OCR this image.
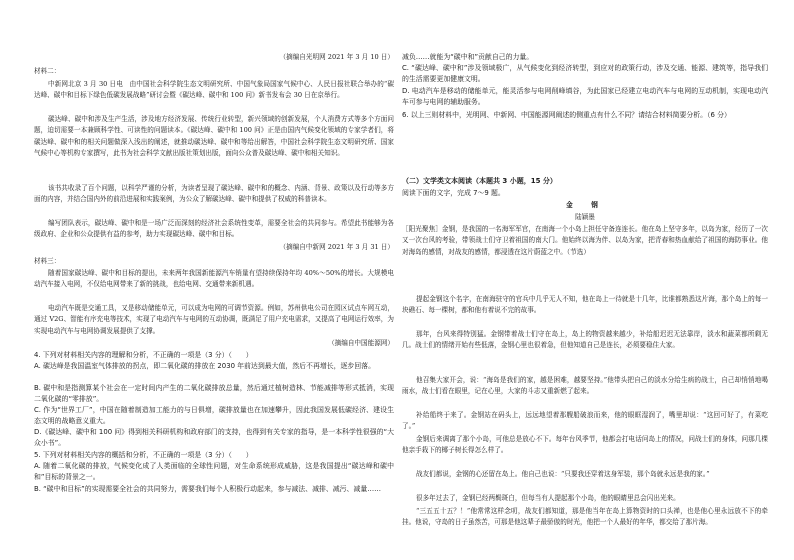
（摘编自光明网 2021 年 3 月 10 日）

材料二：

中新网北京 3 月 30 日电　由中国社会科学院生态文明研究所、中国气象局国家气候中心、人民日报社联合举办的“碳达峰、碳中和目标下绿色低碳发展战略”研讨会暨《碳达峰、碳中和 100 问》新书发布会 30 日在京举行。

碳达峰、碳中和涉及生产生活，涉及地方经济发展、传统行业转型，新兴领域的创新发展，个人消费方式等多个方面问题，迫切需要一本兼顾科学性、可读性的问题读本。《碳达峰、碳中和 100 问》正是由国内气候变化领域的专家学者们，将碳达峰、碳中和的相关问题做深入浅出的阐述，就推动碳达峰、碳中和等给出解答，中国社会科学院生态文明研究所、国家气候中心等机构专家撰写，此书为社会科学文献出版社策划出版，面向公众普及碳达峰、碳中和相关知识。

该书共收录了百个问题，以科学严谨的分析，为读者呈现了碳达峰、碳中和的概念、内涵、背景、政策以及行动等多方面的内容，并结合国内外的前沿进展和实践案例，为公众了解碳达峰、碳中和提供了权威的科普读本。

编写团队表示，碳达峰、碳中和是一场广泛而深刻的经济社会系统性变革，需要全社会的共同参与。希望此书能够为各级政府、企业和公众提供有益的参考，助力实现碳达峰、碳中和目标。

（摘编自中新网 2021 年 3 月 31 日）

材料三：

随着国家碳达峰、碳中和目标的提出，未来两年我国新能源汽车销量有望持续保持年均 40%～50%的增长。大规模电动汽车接入电网，不仅给电网带来了新的挑战，也给电网、交通带来新机遇。

电动汽车既是交通工具，又是移动储能单元，可以成为电网的可调节资源。例如，苏州供电公司在园区试点车网互动，通过 V2G、智能有序充电等技术，实现了电动汽车与电网的互动协调，既满足了用户充电需求，又提高了电网运行效率，为实现电动汽车与电网协调发展提供了支撑。

（摘编自中国能源网）

4. 下列对材料相关内容的理解和分析，不正确的一项是（3 分）（　　）

A. 碳达峰是我国温室气体排放的拐点，即二氧化碳的排放在 2030 年前达到最大值，然后不再增长，逐步回落。

B. 碳中和是指测算某个社会在一定时间内产生的二氧化碳排放总量，然后通过植树造林、节能减排等形式抵消，实现二氧化碳的“零排放”。

C. 作为“世界工厂”，中国在随着制造加工能力的与日俱增，碳排放量也在加速攀升，因此我国发展低碳经济、建设生态文明的战略意义重大。

D.《碳达峰、碳中和 100 问》得到相关科研机构和政府部门的支持，也得到有关专家的指导，是一本科学性很强的“大众小书”。

5. 下列对材料相关内容的概括和分析，不正确的一项是（3 分）（　　）

A. 随着二氧化碳的排放，气候变化成了人类面临的全球性问题，对生命系统形成威胁，这是我国提出“碳达峰和碳中和”目标的背景之一。

B. “碳中和目标”的实现需要全社会的共同努力，需要我们每个人积极行动起来，参与减法、减排、减污、减量……

减负……就能为“碳中和”贡献自己的力量。

C. “碳达峰、碳中和”涉及领域极广，从气候变化到经济转型，到应对的政策行动，涉及交通、能源、建筑等，指导我们的生活需要更加健康文明。

D. 电动汽车是移动的储能单元，能灵活参与电网削峰填谷，为此国家已经建立电动汽车与电网的互动机制，实现电动汽车可参与电网的辅助服务。

6. 以上三则材料中，光明网、中新网、中国能源网阐述的侧重点有什么不同？请结合材料简要分析。（6 分）

（二）文学类文本阅读（本题共 3 小题，15 分）

阅读下面的文字，完成 7～9 题。

金　钢

陆颖墨

［阳光聚焦］金钢，是我国的一名海军军官，在南海一个小岛上担任守备连连长。他在岛上坚守多年，以岛为家，经历了一次又一次台风的考验，带领战士们守卫着祖国的南大门。他始终以海为伴、以岛为家，把青春和热血献给了祖国的海防事业。他对海岛的感情，对战友的感情，都浸透在这片蔚蓝之中。（节选）

提起金钢这个名字，在南海驻守的官兵中几乎无人不知，他在岛上一待就是十几年，比谁都熟悉这片海，那个岛上的每一块礁石、每一棵树，都和他有着说不完的故事。

那年，台风来得特别猛。金钢带着战士们守在岛上，岛上的物资越来越少，补给船迟迟无法靠岸，淡水和蔬菜都所剩无几。战士们的情绪开始有些低落，金钢心里也很着急，但他知道自己是连长，必须要稳住大家。

他召集大家开会，说：“海岛是我们的家，越是困难，越要坚持。”他带头把自己的淡水分给生病的战士，自己却悄悄地喝雨水，战士们看在眼里，记在心里，大家的斗志又重新燃了起来。

补给船终于来了。金钢站在码头上，远远地望着那艘船破浪而来，他的眼眶湿润了，嘴里却说：“这回可好了，有菜吃了。”

金钢后来调离了那个小岛，可他总是放心不下。每年台风季节，他都会打电话问岛上的情况，问战士们的身体，问那几棵他亲手栽下的椰子树长得怎么样了。

战友们都说，金钢的心还留在岛上。他自己也说：“只要我还穿着这身军装，那个岛就永远是我的家。”

很多年过去了，金钢已经两鬓斑白，但每当有人提起那个小岛，他的眼睛里总会闪出光来。

“三五五十五？！”他常常这样念叨，战友们都知道，那是他当年在岛上算物资时的口头禅，也是他心里永远放不下的牵挂。他说，守岛的日子虽然苦，可那是他这辈子最骄傲的时光，他把一个人最好的年华，都交给了那片海。
